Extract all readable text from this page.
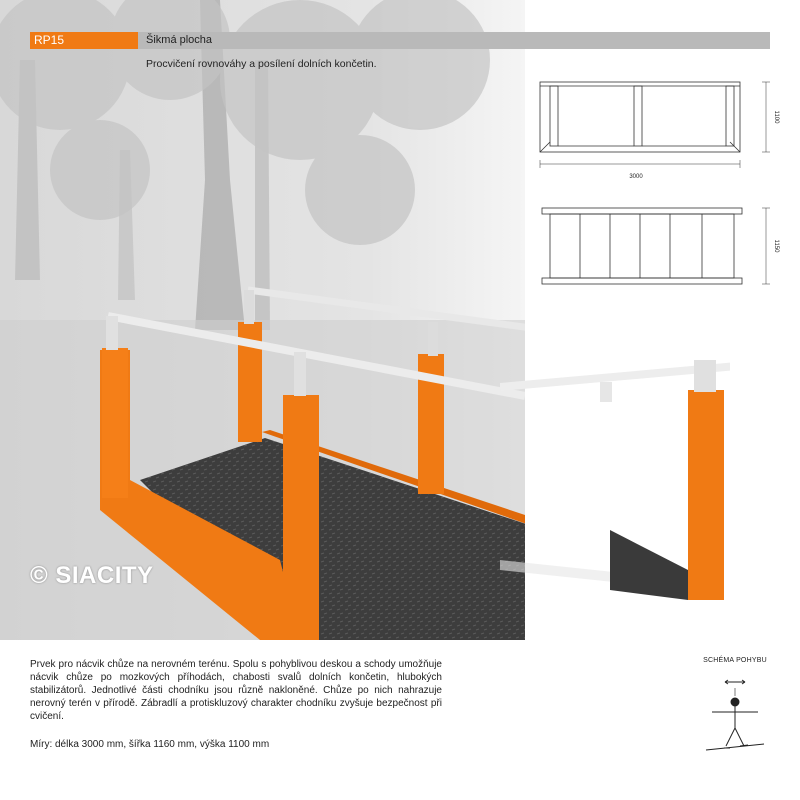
RP15	Šikmá plocha
Procvičení rovnováhy a posílení dolních končetin.
3000
1100
1150
© SIACITY

Prvek pro nácvik chůze na nerovném terénu. Spolu s pohyblivou deskou a schody umožňuje nácvik chůze po mozkových příhodách, chabosti svalů dolních končetin, hlubokých stabilizátorů. Jednotlivé části chodníku jsou různě nakloněné. Chůze po nich nahrazuje nerovný terén v přírodě. Zábradlí a protiskluzový charakter chodníku zvyšuje bezpečnost při cvičení.

Míry: délka 3000 mm, šířka 1160 mm, výška 1100 mm
SCHÉMA POHYBU
